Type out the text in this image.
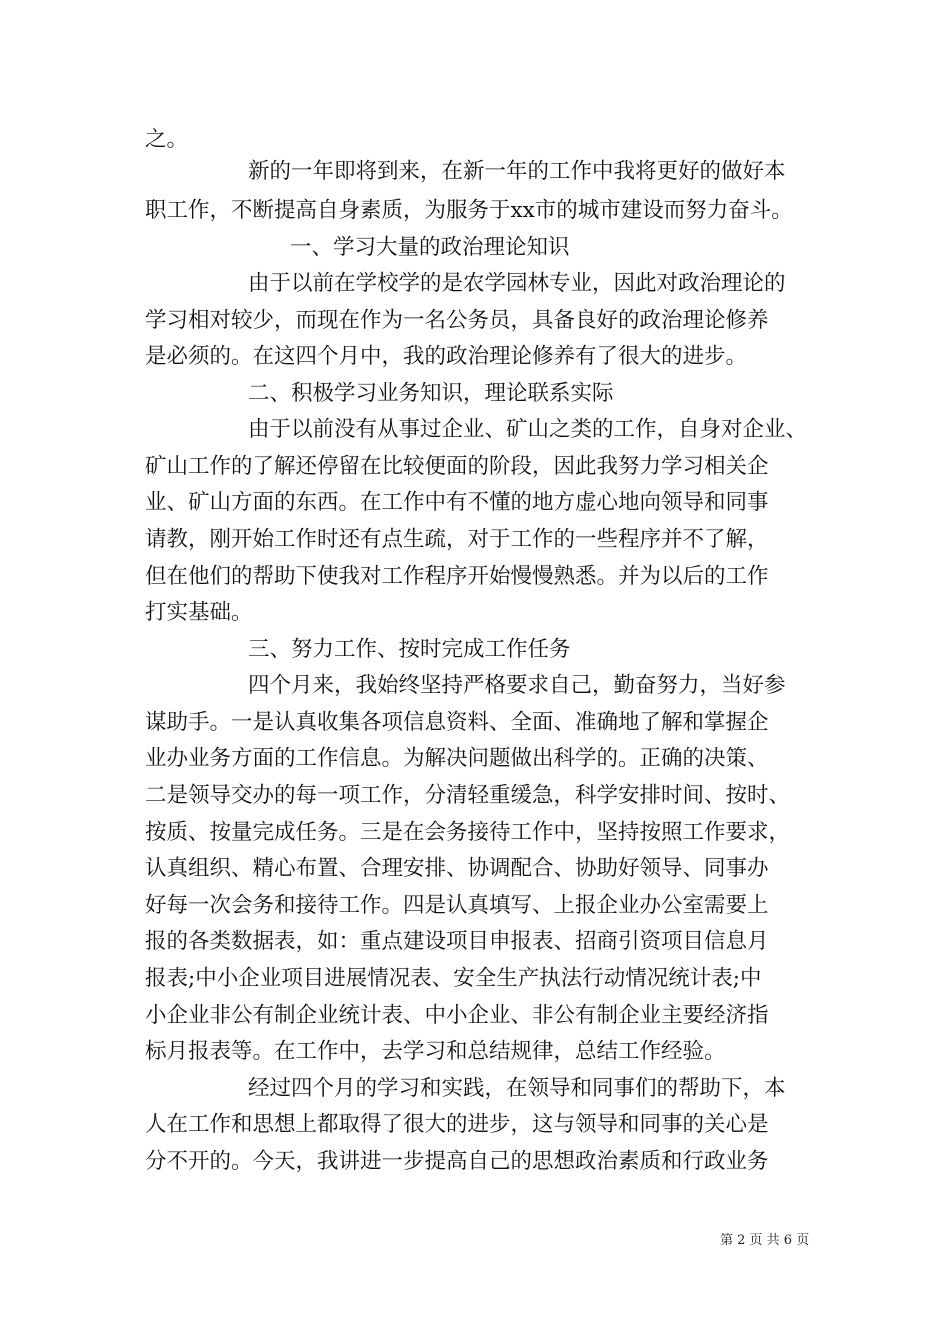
之。

新的一年即将到来，在新一年的工作中我将更好的做好本

职工作，不断提高自身素质，为服务于xx市的城市建设而努力奋斗。

一、学习大量的政治理论知识

由于以前在学校学的是农学园林专业，因此对政治理论的

学习相对较少，而现在作为一名公务员，具备良好的政治理论修养

是必须的。在这四个月中，我的政治理论修养有了很大的进步。

二、积极学习业务知识，理论联系实际

由于以前没有从事过企业、矿山之类的工作，自身对企业、

矿山工作的了解还停留在比较便面的阶段，因此我努力学习相关企

业、矿山方面的东西。在工作中有不懂的地方虚心地向领导和同事

请教，刚开始工作时还有点生疏，对于工作的一些程序并不了解，

但在他们的帮助下使我对工作程序开始慢慢熟悉。并为以后的工作

打实基础。

三、努力工作、按时完成工作任务

四个月来，我始终坚持严格要求自己，勤奋努力，当好参

谋助手。一是认真收集各项信息资料、全面、准确地了解和掌握企

业办业务方面的工作信息。为解决问题做出科学的。正确的决策、

二是领导交办的每一项工作，分清轻重缓急，科学安排时间、按时、

按质、按量完成任务。三是在会务接待工作中，坚持按照工作要求，

认真组织、精心布置、合理安排、协调配合、协助好领导、同事办

好每一次会务和接待工作。四是认真填写、上报企业办公室需要上

报的各类数据表，如：重点建设项目申报表、招商引资项目信息月

报表;中小企业项目进展情况表、安全生产执法行动情况统计表;中

小企业非公有制企业统计表、中小企业、非公有制企业主要经济指

标月报表等。在工作中，去学习和总结规律，总结工作经验。

经过四个月的学习和实践，在领导和同事们的帮助下，本

人在工作和思想上都取得了很大的进步，这与领导和同事的关心是

分不开的。今天，我讲进一步提高自己的思想政治素质和行政业务

第 2 页 共 6 页
